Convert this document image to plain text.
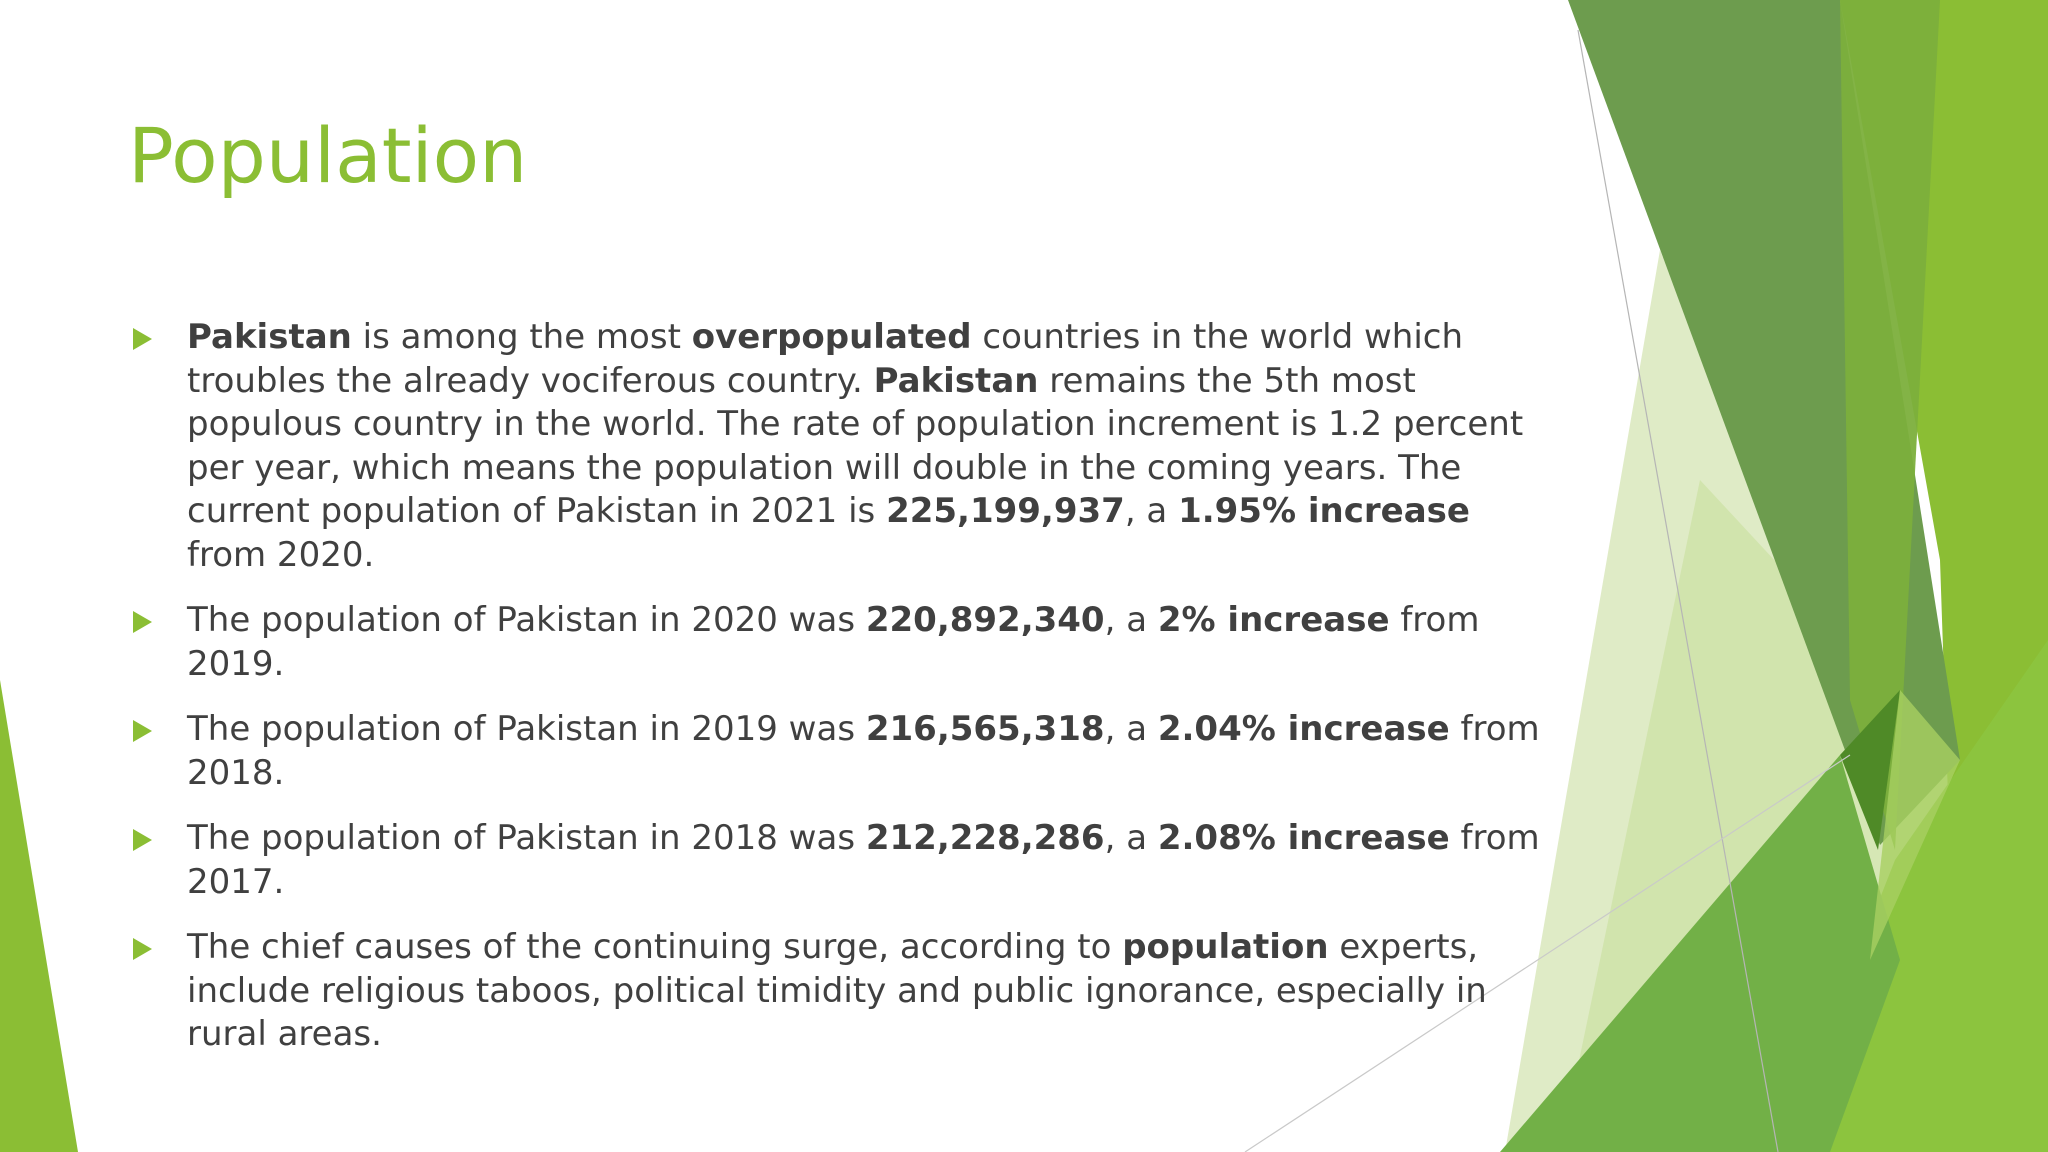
Population
Pakistan is among the most overpopulated countries in the world which troubles the already vociferous country. Pakistan remains the 5th most populous country in the world. The rate of population increment is 1.2 percent per year, which means the population will double in the coming years. The current population of Pakistan in 2021 is 225,199,937, a 1.95% increase from 2020.
The population of Pakistan in 2020 was 220,892,340, a 2% increase from 2019.
The population of Pakistan in 2019 was 216,565,318, a 2.04% increase from 2018.
The population of Pakistan in 2018 was 212,228,286, a 2.08% increase from 2017.
The chief causes of the continuing surge, according to population experts, include religious taboos, political timidity and public ignorance, especially in rural areas.
